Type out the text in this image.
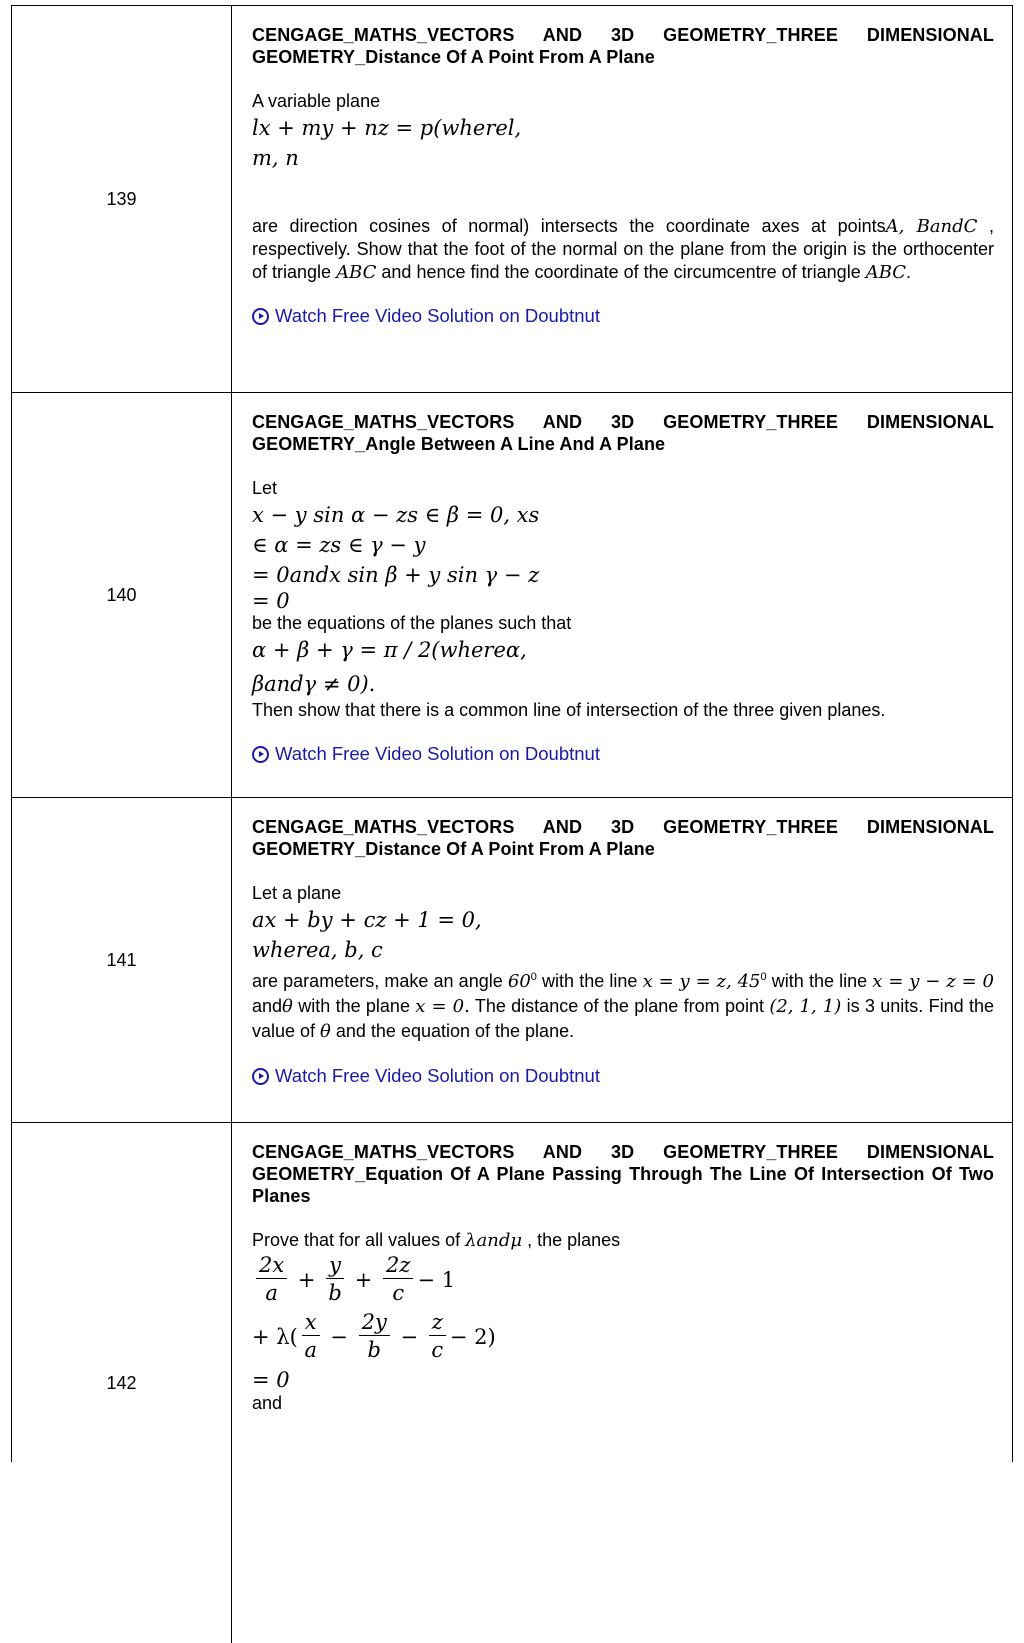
139
CENGAGE_MATHS_VECTORS AND 3D GEOMETRY_THREE DIMENSIONAL GEOMETRY_Distance Of A Point From A Plane
A variable plane
lx + my + nz = p(wherel,
m, n
are direction cosines of normal) intersects the coordinate axes at pointsA, BandC , respectively. Show that the foot of the normal on the plane from the origin is the orthocenter of triangle ABC and hence find the coordinate of the circumcentre of triangle ABC.
Watch Free Video Solution on Doubtnut
140
CENGAGE_MATHS_VECTORS AND 3D GEOMETRY_THREE DIMENSIONAL GEOMETRY_Angle Between A Line And A Plane
Let
x − y sin α − zs ∈ β = 0, xs
∈ α = zs ∈ γ − y
= 0andx sin β + y sin γ − z
= 0
be the equations of the planes such that
α + β + γ = π / 2(whereα,
βandγ ≠ 0).
Then show that there is a common line of intersection of the three given planes.
Watch Free Video Solution on Doubtnut
141
CENGAGE_MATHS_VECTORS AND 3D GEOMETRY_THREE DIMENSIONAL GEOMETRY_Distance Of A Point From A Plane
Let a plane
ax + by + cz + 1 = 0,
wherea, b, c
are parameters, make an angle $60^0$ with the line x = y = z, $45^0$ with the line x = y − z = 0 andθ with the plane x = 0. The distance of the plane from point (2, 1, 1) is 3 units. Find the value of θ and the equation of the plane.
Watch Free Video Solution on Doubtnut
142
CENGAGE_MATHS_VECTORS AND 3D GEOMETRY_THREE DIMENSIONAL GEOMETRY_Equation Of A Plane Passing Through The Line Of Intersection Of Two Planes
Prove that for all values of λandμ , the planes
$\frac{2x}{a} + \frac{y}{b} + \frac{2z}{c} - 1$
+ $\lambda( \frac{x}{a} - \frac{2y}{b} - \frac{z}{c} - 2)$
= 0
and
